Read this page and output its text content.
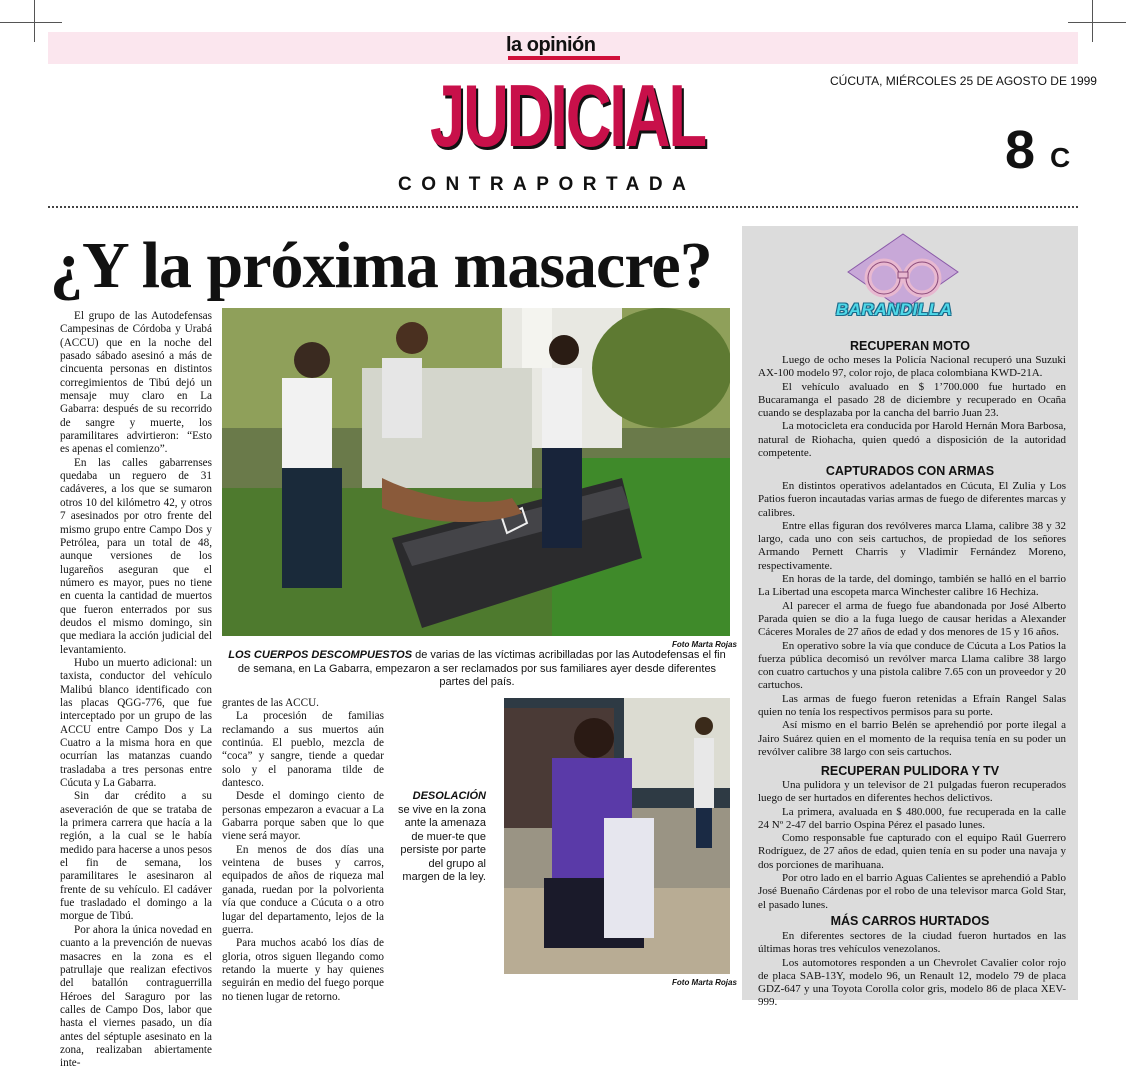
la opinión
JUDICIAL
CONTRAPORTADA
CÚCUTA, MIÉRCOLES 25 DE AGOSTO DE 1999
8 C
¿Y la próxima masacre?

El grupo de las Autodefensas Campesinas de Córdoba y Urabá (ACCU) que en la noche del pasado sábado asesinó a más de cincuenta personas en distintos corregimientos de Tibú dejó un mensaje muy claro en La Gabarra: después de su recorrido de sangre y muerte, los paramilitares advirtieron: “Esto es apenas el comienzo”.

En las calles gabarrenses quedaba un reguero de 31 cadáveres, a los que se sumaron otros 10 del kilómetro 42, y otros 7 asesinados por otro frente del mismo grupo entre Campo Dos y Petrólea, para un total de 48, aunque versiones de los lugareños aseguran que el número es mayor, pues no tiene en cuenta la cantidad de muertos que fueron enterrados por sus deudos el mismo domingo, sin que mediara la acción judicial del levantamiento.

Hubo un muerto adicional: un taxista, conductor del vehículo Malibú blanco identificado con las placas QGG-776, que fue interceptado por un grupo de las ACCU entre Campo Dos y La Cuatro a la misma hora en que ocurrían las matanzas cuando trasladaba a tres personas entre Cúcuta y La Gabarra.

Sin dar crédito a su aseveración de que se trataba de la primera carrera que hacía a la región, a la cual se le había medido para hacerse a unos pesos el fin de semana, los paramilitares le asesinaron al frente de su vehículo. El cadáver fue trasladado el domingo a la morgue de Tibú.

Por ahora la única novedad en cuanto a la prevención de nuevas masacres en la zona es el patrullaje que realizan efectivos del batallón contraguerrilla Héroes del Saraguro por las calles de Campo Dos, labor que hasta el viernes pasado, un día antes del séptuple asesinato en la zona, realizaban abiertamente inte-

Foto Marta Rojas
LOS CUERPOS DESCOMPUESTOS de varias de las víctimas acribilladas por las Autodefensas el fin de semana, en La Gabarra, empezaron a ser reclamados por sus familiares ayer desde diferentes partes del país.

grantes de las ACCU.

La procesión de familias reclamando a sus muertos aún continúa. El pueblo, mezcla de “coca” y sangre, tiende a quedar solo y el panorama tilde de dantesco.

Desde el domingo ciento de personas empezaron a evacuar a La Gabarra porque saben que lo que viene será mayor.

En menos de dos días una veintena de buses y carros, equipados de años de riqueza mal ganada, ruedan por la polvorienta vía que conduce a Cúcuta o a otro lugar del departamento, lejos de la guerra.

Para muchos acabó los días de gloria, otros siguen llegando como retando la muerte y hay quienes seguirán en medio del fuego porque no tienen lugar de retorno.

DESOLACIÓN
se vive en la zona ante la amenaza de muer-te que persiste por parte del grupo al margen de la ley.
Foto Marta Rojas
BARANDILLA
RECUPERAN MOTO

Luego de ocho meses la Policía Nacional recuperó una Suzuki AX-100 modelo 97, color rojo, de placa colombiana KWD-21A.

El vehículo avaluado en $ 1’700.000 fue hurtado en Bucaramanga el pasado 28 de diciembre y recuperado en Ocaña cuando se desplazaba por la cancha del barrio Juan 23.

La motocicleta era conducida por Harold Hernán Mora Barbosa, natural de Riohacha, quien quedó a disposición de la autoridad competente.

CAPTURADOS CON ARMAS

En distintos operativos adelantados en Cúcuta, El Zulia y Los Patios fueron incautadas varias armas de fuego de diferentes marcas y calibres.

Entre ellas figuran dos revólveres marca Llama, calibre 38 y 32 largo, cada uno con seis cartuchos, de propiedad de los señores Armando Pernett Charris y Vladimir Fernández Moreno, respectivamente.

En horas de la tarde, del domingo, también se halló en el barrio La Libertad una escopeta marca Winchester calibre 16 Hechiza.

Al parecer el arma de fuego fue abandonada por José Alberto Parada quien se dio a la fuga luego de causar heridas a Alexander Cáceres Morales de 27 años de edad y dos menores de 15 y 16 años.

En operativo sobre la vía que conduce de Cúcuta a Los Patios la fuerza pública decomisó un revólver marca Llama calibre 38 largo con cuatro cartuchos y una pistola calibre 7.65 con un proveedor y 20 cartuchos.

Las armas de fuego fueron retenidas a Efraín Rangel Salas quien no tenía los respectivos permisos para su porte.

Así mismo en el barrio Belén se aprehendió por porte ilegal a Jairo Suárez quien en el momento de la requisa tenía en su poder un revólver calibre 38 largo con seis cartuchos.

RECUPERAN PULIDORA Y TV

Una pulidora y un televisor de 21 pulgadas fueron recuperados luego de ser hurtados en diferentes hechos delictivos.

La primera, avaluada en $ 480.000, fue recuperada en la calle 24 Nº 2-47 del barrio Ospina Pérez el pasado lunes.

Como responsable fue capturado con el equipo Raúl Guerrero Rodríguez, de 27 años de edad, quien tenía en su poder una navaja y dos porciones de marihuana.

Por otro lado en el barrio Aguas Calientes se aprehendió a Pablo José Buenaño Cárdenas por el robo de una televisor marca Gold Star, el pasado lunes.

MÁS CARROS HURTADOS

En diferentes sectores de la ciudad fueron hurtados en las últimas horas tres vehículos venezolanos.

Los automotores responden a un Chevrolet Cavalier color rojo de placa SAB-13Y, modelo 96, un Renault 12, modelo 79 de placa GDZ-647 y una Toyota Corolla color gris, modelo 86 de placa XEV-999.
